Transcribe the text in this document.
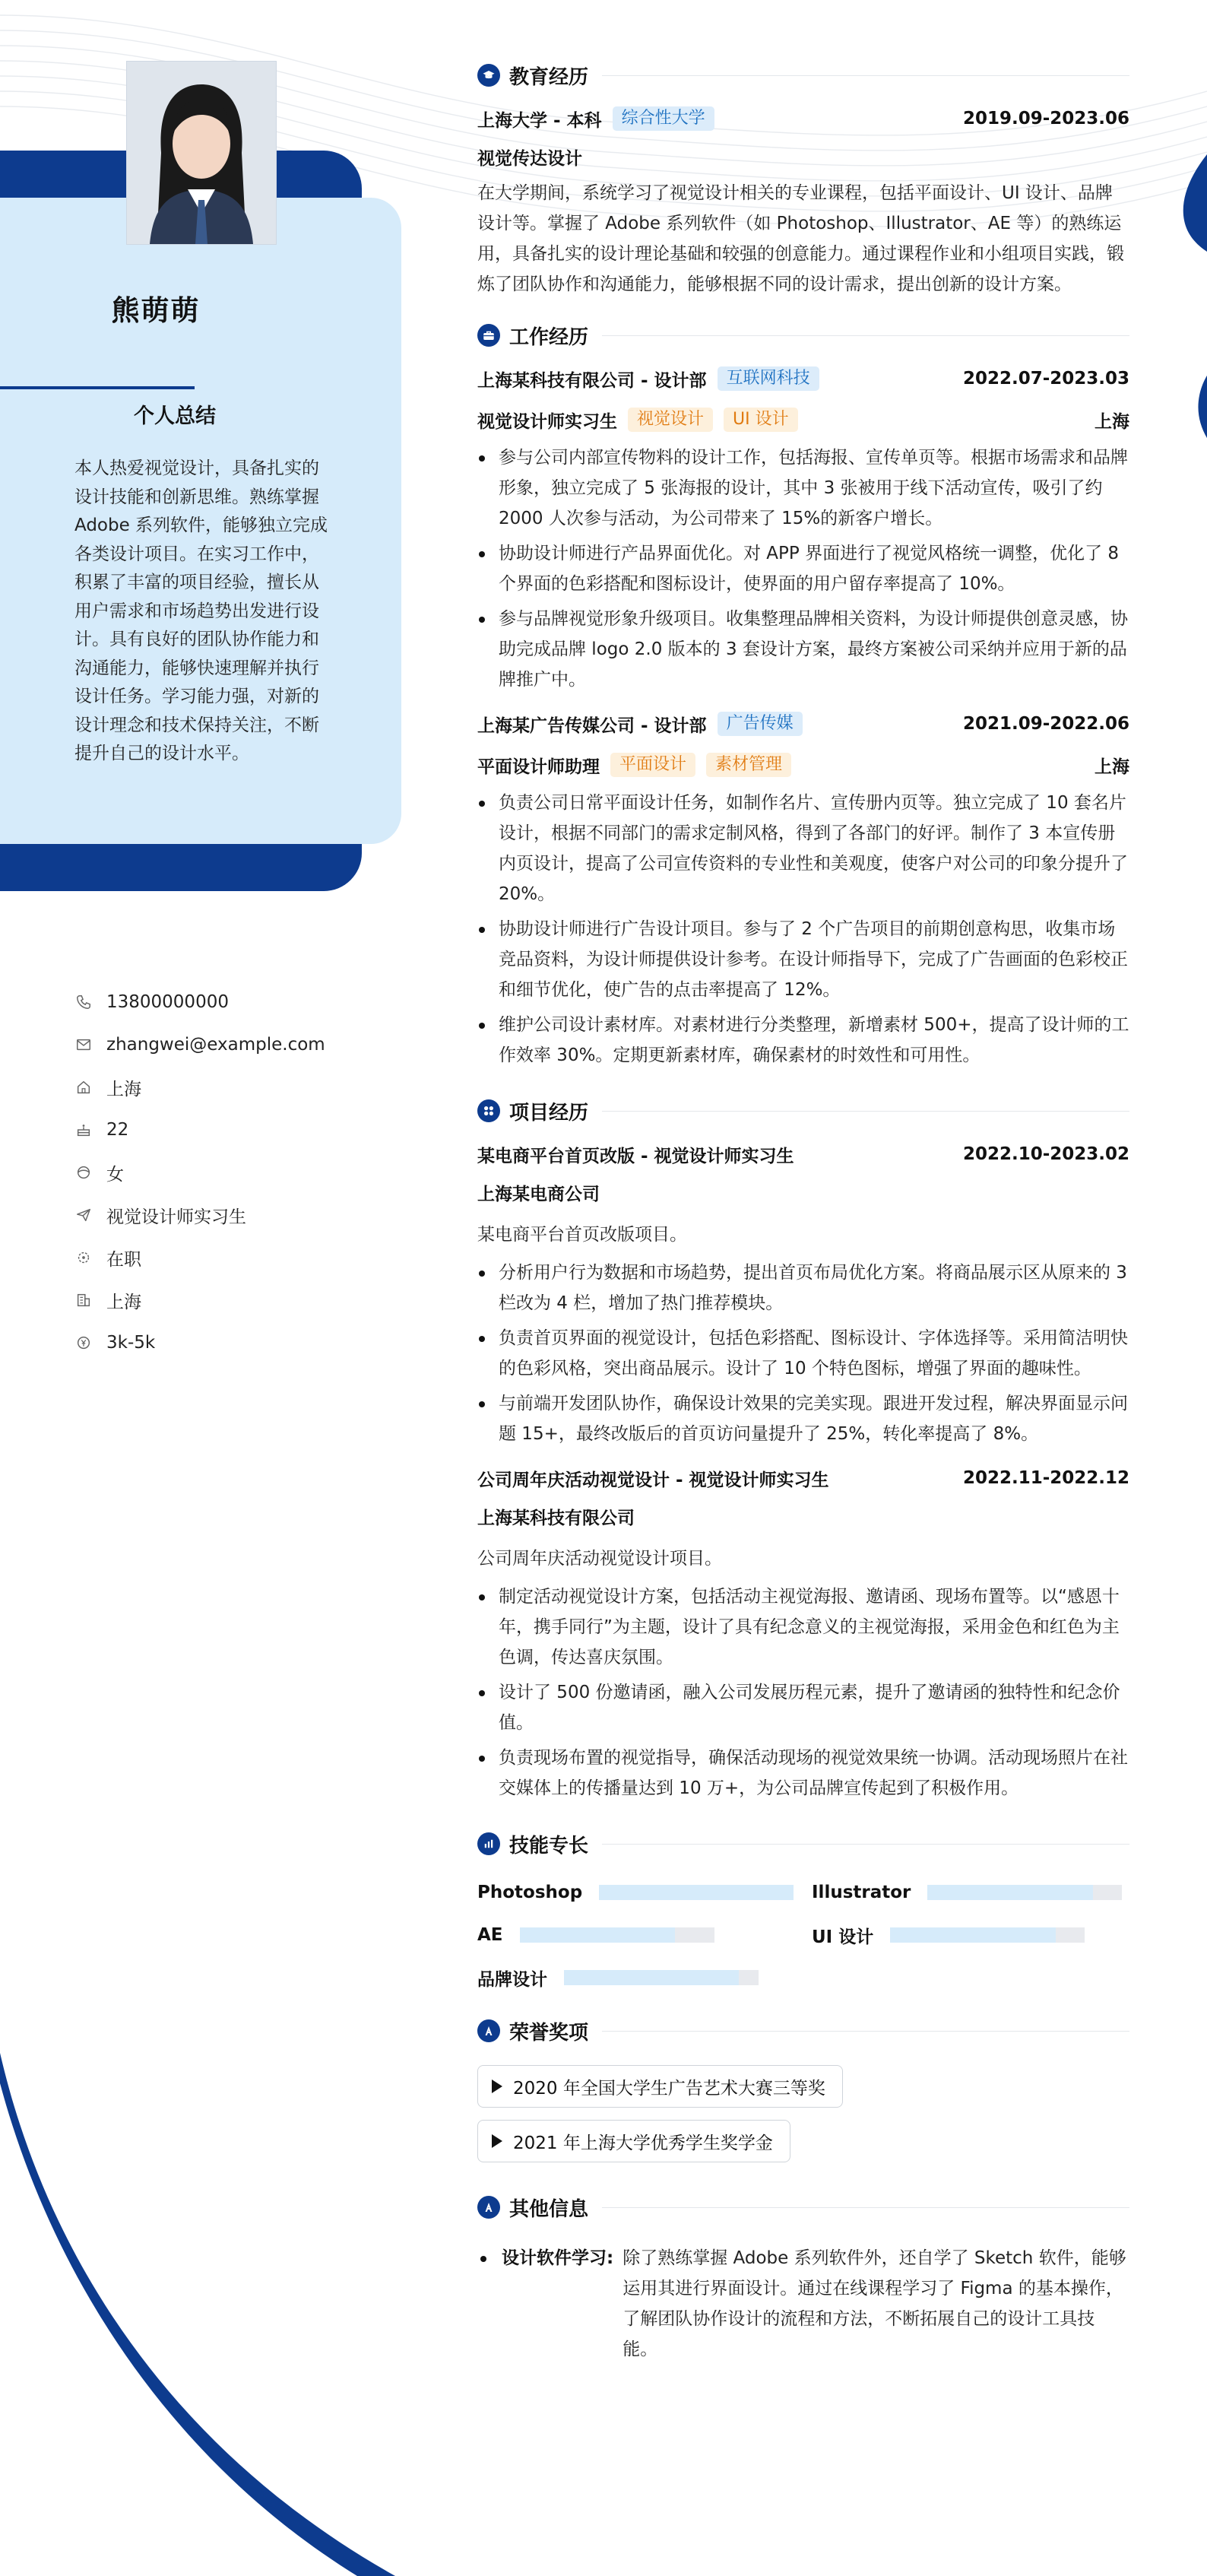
熊萌萌
个人总结
本人热爱视觉设计，具备扎实的设计技能和创新思维。熟练掌握 Adobe 系列软件，能够独立完成各类设计项目。在实习工作中，积累了丰富的项目经验，擅长从用户需求和市场趋势出发进行设计。具有良好的团队协作能力和沟通能力，能够快速理解并执行设计任务。学习能力强，对新的设计理念和技术保持关注，不断提升自己的设计水平。
13800000000
zhangwei@example.com
上海
22
女
视觉设计师实习生
在职
上海
3k-5k
教育经历
上海大学 - 本科	综合性大学	2019.09-2023.06
视觉传达设计
在大学期间，系统学习了视觉设计相关的专业课程，包括平面设计、UI 设计、品牌设计等。掌握了 Adobe 系列软件（如 Photoshop、Illustrator、AE 等）的熟练运用，具备扎实的设计理论基础和较强的创意能力。通过课程作业和小组项目实践，锻炼了团队协作和沟通能力，能够根据不同的设计需求，提出创新的设计方案。
工作经历
上海某科技有限公司 - 设计部	互联网科技	2022.07-2023.03
视觉设计师实习生	视觉设计	UI 设计	上海
参与公司内部宣传物料的设计工作，包括海报、宣传单页等。根据市场需求和品牌形象，独立完成了 5 张海报的设计，其中 3 张被用于线下活动宣传，吸引了约 2000 人次参与活动，为公司带来了 15%的新客户增长。
协助设计师进行产品界面优化。对 APP 界面进行了视觉风格统一调整，优化了 8 个界面的色彩搭配和图标设计，使界面的用户留存率提高了 10%。
参与品牌视觉形象升级项目。收集整理品牌相关资料，为设计师提供创意灵感，协助完成品牌 logo 2.0 版本的 3 套设计方案，最终方案被公司采纳并应用于新的品牌推广中。
上海某广告传媒公司 - 设计部	广告传媒	2021.09-2022.06
平面设计师助理	平面设计	素材管理	上海
负责公司日常平面设计任务，如制作名片、宣传册内页等。独立完成了 10 套名片设计，根据不同部门的需求定制风格，得到了各部门的好评。制作了 3 本宣传册内页设计，提高了公司宣传资料的专业性和美观度，使客户对公司的印象分提升了 20%。
协助设计师进行广告设计项目。参与了 2 个广告项目的前期创意构思，收集市场竞品资料，为设计师提供设计参考。在设计师指导下，完成了广告画面的色彩校正和细节优化，使广告的点击率提高了 12%。
维护公司设计素材库。对素材进行分类整理，新增素材 500+，提高了设计师的工作效率 30%。定期更新素材库，确保素材的时效性和可用性。
项目经历
某电商平台首页改版 - 视觉设计师实习生	2022.10-2023.02
上海某电商公司
某电商平台首页改版项目。
分析用户行为数据和市场趋势，提出首页布局优化方案。将商品展示区从原来的 3 栏改为 4 栏，增加了热门推荐模块。
负责首页界面的视觉设计，包括色彩搭配、图标设计、字体选择等。采用简洁明快的色彩风格，突出商品展示。设计了 10 个特色图标，增强了界面的趣味性。
与前端开发团队协作，确保设计效果的完美实现。跟进开发过程，解决界面显示问题 15+，最终改版后的首页访问量提升了 25%，转化率提高了 8%。
公司周年庆活动视觉设计 - 视觉设计师实习生	2022.11-2022.12
上海某科技有限公司
公司周年庆活动视觉设计项目。
制定活动视觉设计方案，包括活动主视觉海报、邀请函、现场布置等。以“感恩十年，携手同行”为主题，设计了具有纪念意义的主视觉海报，采用金色和红色为主色调，传达喜庆氛围。
设计了 500 份邀请函，融入公司发展历程元素，提升了邀请函的独特性和纪念价值。
负责现场布置的视觉指导，确保活动现场的视觉效果统一协调。活动现场照片在社交媒体上的传播量达到 10 万+，为公司品牌宣传起到了积极作用。
技能专长
Photoshop	Illustrator
AE	UI 设计
品牌设计
荣誉奖项
2020 年全国大学生广告艺术大赛三等奖
2021 年上海大学优秀学生奖学金
其他信息
设计软件学习: 除了熟练掌握 Adobe 系列软件外，还自学了 Sketch 软件，能够运用其进行界面设计。通过在线课程学习了 Figma 的基本操作，了解团队协作设计的流程和方法，不断拓展自己的设计工具技能。
